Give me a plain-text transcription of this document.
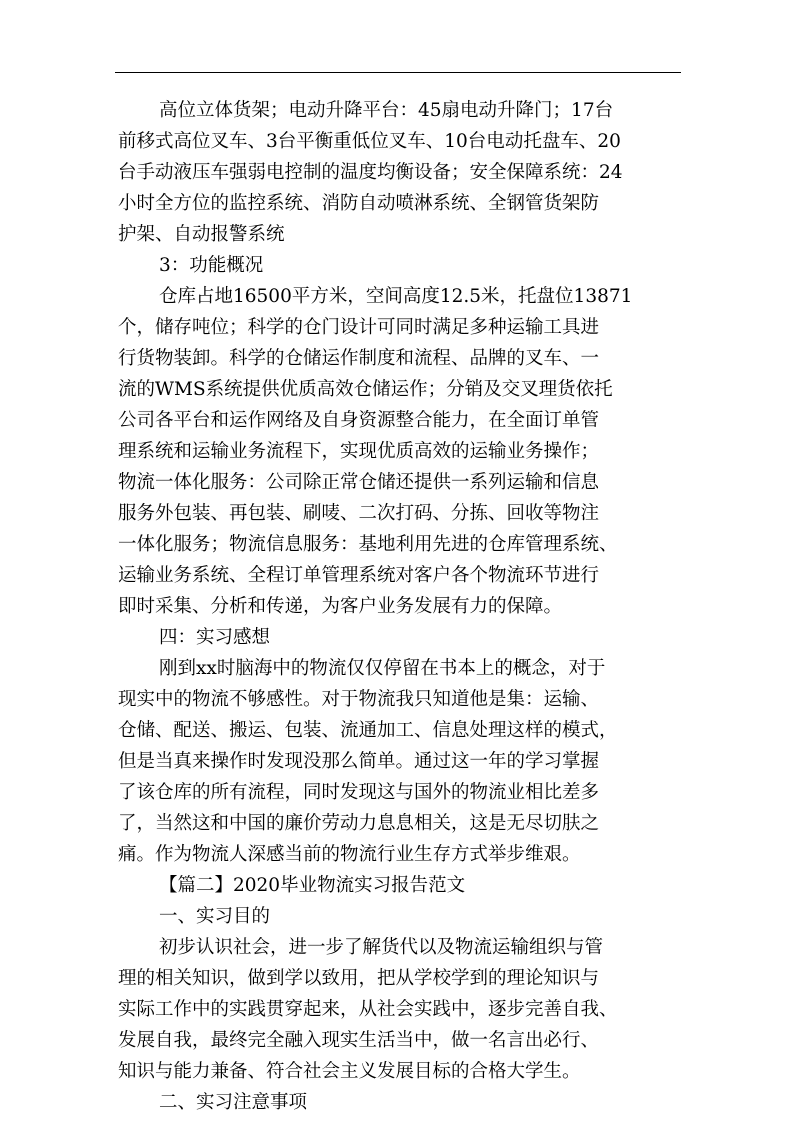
高位立体货架；电动升降平台：45扇电动升降门；17台
前移式高位叉车、3台平衡重低位叉车、10台电动托盘车、20
台手动液压车强弱电控制的温度均衡设备；安全保障系统：24
小时全方位的监控系统、消防自动喷淋系统、全钢管货架防
护架、自动报警系统
3：功能概况
仓库占地16500平方米，空间高度12.5米，托盘位13871
个，储存吨位；科学的仓门设计可同时满足多种运输工具进
行货物装卸。科学的仓储运作制度和流程、品牌的叉车、一
流的WMS系统提供优质高效仓储运作；分销及交叉理货依托
公司各平台和运作网络及自身资源整合能力，在全面订单管
理系统和运输业务流程下，实现优质高效的运输业务操作；
物流一体化服务：公司除正常仓储还提供一系列运输和信息
服务外包装、再包装、刷唛、二次打码、分拣、回收等物注
一体化服务；物流信息服务：基地利用先进的仓库管理系统、
运输业务系统、全程订单管理系统对客户各个物流环节进行
即时采集、分析和传递，为客户业务发展有力的保障。
四：实习感想
刚到xx时脑海中的物流仅仅停留在书本上的概念，对于
现实中的物流不够感性。对于物流我只知道他是集：运输、
仓储、配送、搬运、包装、流通加工、信息处理这样的模式，
但是当真来操作时发现没那么简单。通过这一年的学习掌握
了该仓库的所有流程，同时发现这与国外的物流业相比差多
了，当然这和中国的廉价劳动力息息相关，这是无尽切肤之
痛。作为物流人深感当前的物流行业生存方式举步维艰。
【篇二】2020毕业物流实习报告范文
一、实习目的
初步认识社会，进一步了解货代以及物流运输组织与管
理的相关知识，做到学以致用，把从学校学到的理论知识与
实际工作中的实践贯穿起来，从社会实践中，逐步完善自我、
发展自我，最终完全融入现实生活当中，做一名言出必行、
知识与能力兼备、符合社会主义发展目标的合格大学生。
二、实习注意事项
